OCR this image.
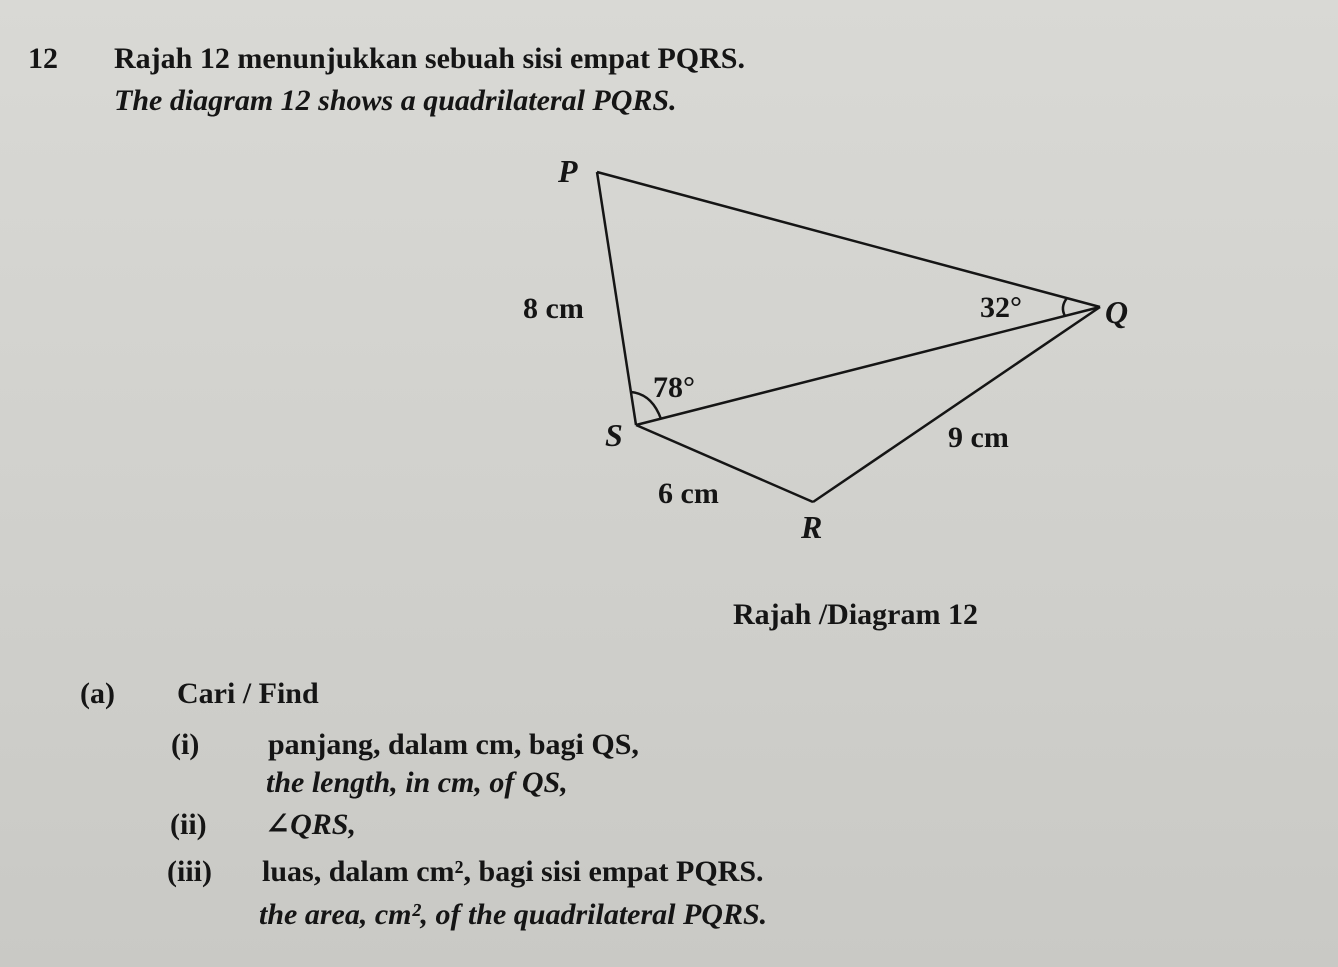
12 Rajah 12 menunjukkan sebuah sisi empat PQRS.
The diagram 12 shows a quadrilateral PQRS.
P
Q
R
S
8 cm
9 cm
6 cm
32°
78°
Rajah /Diagram 12
(a) Cari / Find
(i) panjang, dalam cm, bagi QS,
the length, in cm, of QS,
(ii) ∠QRS,
(iii) luas, dalam cm², bagi sisi empat PQRS.
the area, cm², of the quadrilateral PQRS.
